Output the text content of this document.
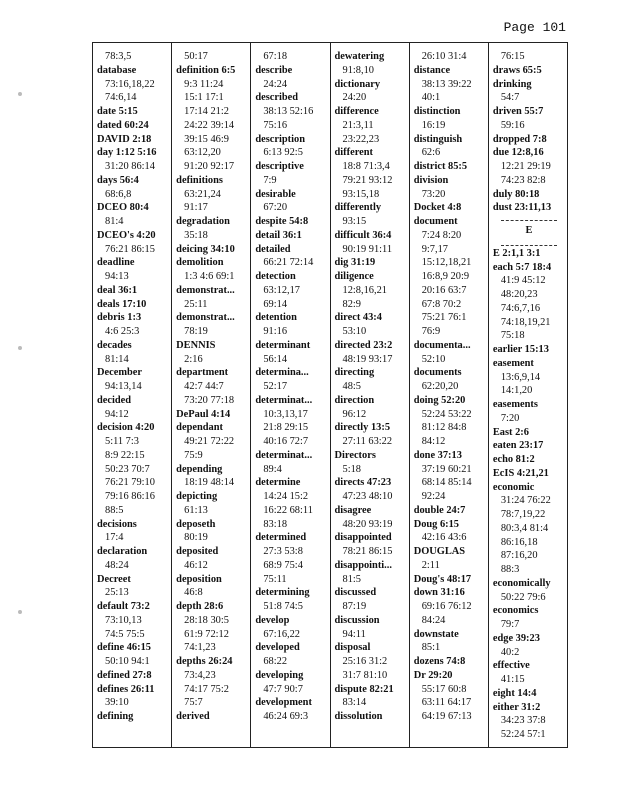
Page 101
78:3,5
database
73:16,18,22
74:6,14
date 5:15
dated 60:24
DAVID 2:18
day 1:12 5:16
31:20 86:14
days 56:4
68:6,8
DCEO 80:4
81:4
DCEO's 4:20
76:21 86:15
deadline
94:13
deal 36:1
deals 17:10
debris 1:3
4:6 25:3
decades
81:14
December
94:13,14
decided
94:12
decision 4:20
5:11 7:3
8:9 22:15
50:23 70:7
76:21 79:10
79:16 86:16
88:5
decisions
17:4
declaration
48:24
Decreet
25:13
default 73:2
73:10,13
74:5 75:5
define 46:15
50:10 94:1
defined 27:8
defines 26:11
39:10
defining
50:17
definition 6:5
9:3 11:24
15:1 17:1
17:14 21:2
24:22 39:14
39:15 46:9
63:12,20
91:20 92:17
definitions
63:21,24
91:17
degradation
35:18
deicing 34:10
demolition
1:3 4:6 69:1
demonstrat...
25:11
demonstrat...
78:19
DENNIS
2:16
department
42:7 44:7
73:20 77:18
DePaul 4:14
dependant
49:21 72:22
75:9
depending
18:19 48:14
depicting
61:13
deposeth
80:19
deposited
46:12
deposition
46:8
depth 28:6
28:18 30:5
61:9 72:12
74:1,23
depths 26:24
73:4,23
74:17 75:2
75:7
derived
67:18
describe
24:24
described
38:13 52:16
75:16
description
6:13 92:5
descriptive
7:9
desirable
67:20
despite 54:8
detail 36:1
detailed
66:21 72:14
detection
63:12,17
69:14
detention
91:16
determinant
56:14
determina...
52:17
determinat...
10:3,13,17
21:8 29:15
40:16 72:7
determinat...
89:4
determine
14:24 15:2
16:22 68:11
83:18
determined
27:3 53:8
68:9 75:4
75:11
determining
51:8 74:5
develop
67:16,22
developed
68:22
developing
47:7 90:7
development
46:24 69:3
dewatering
91:8,10
dictionary
24:20
difference
21:3,11
23:22,23
different
18:8 71:3,4
79:21 93:12
93:15,18
differently
93:15
difficult 36:4
90:19 91:11
dig 31:19
diligence
12:8,16,21
82:9
direct 43:4
53:10
directed 23:2
48:19 93:17
directing
48:5
direction
96:12
directly 13:5
27:11 63:22
Directors
5:18
directs 47:23
47:23 48:10
disagree
48:20 93:19
disappointed
78:21 86:15
disappointi...
81:5
discussed
87:19
discussion
94:11
disposal
25:16 31:2
31:7 81:10
dispute 82:21
83:14
dissolution
26:10 31:4
distance
38:13 39:22
40:1
distinction
16:19
distinguish
62:6
district 85:5
division
73:20
Docket 4:8
document
7:24 8:20
9:7,17
15:12,18,21
16:8,9 20:9
20:16 63:7
67:8 70:2
75:21 76:1
76:9
documenta...
52:10
documents
62:20,20
doing 52:20
52:24 53:22
81:12 84:8
84:12
done 37:13
37:19 60:21
68:14 85:14
92:24
double 24:7
Doug 6:15
42:16 43:6
DOUGLAS
2:11
Doug's 48:17
down 31:16
69:16 76:12
84:24
downstate
85:1
dozens 74:8
Dr 29:20
55:17 60:8
63:11 64:17
64:19 67:13
76:15
draws 65:5
drinking
54:7
driven 55:7
59:16
dropped 7:8
due 12:8,16
12:21 29:19
74:23 82:8
duly 80:18
dust 23:11,13
E
E 2:1,1 3:1
each 5:7 18:4
41:9 45:12
48:20,23
74:6,7,16
74:18,19,21
75:18
earlier 15:13
easement
13:6,9,14
14:1,20
easements
7:20
East 2:6
eaten 23:17
echo 81:2
EcIS 4:21,21
economic
31:24 76:22
78:7,19,22
80:3,4 81:4
86:16,18
87:16,20
88:3
economically
50:22 79:6
economics
79:7
edge 39:23
40:2
effective
41:15
eight 14:4
either 31:2
34:23 37:8
52:24 57:1
